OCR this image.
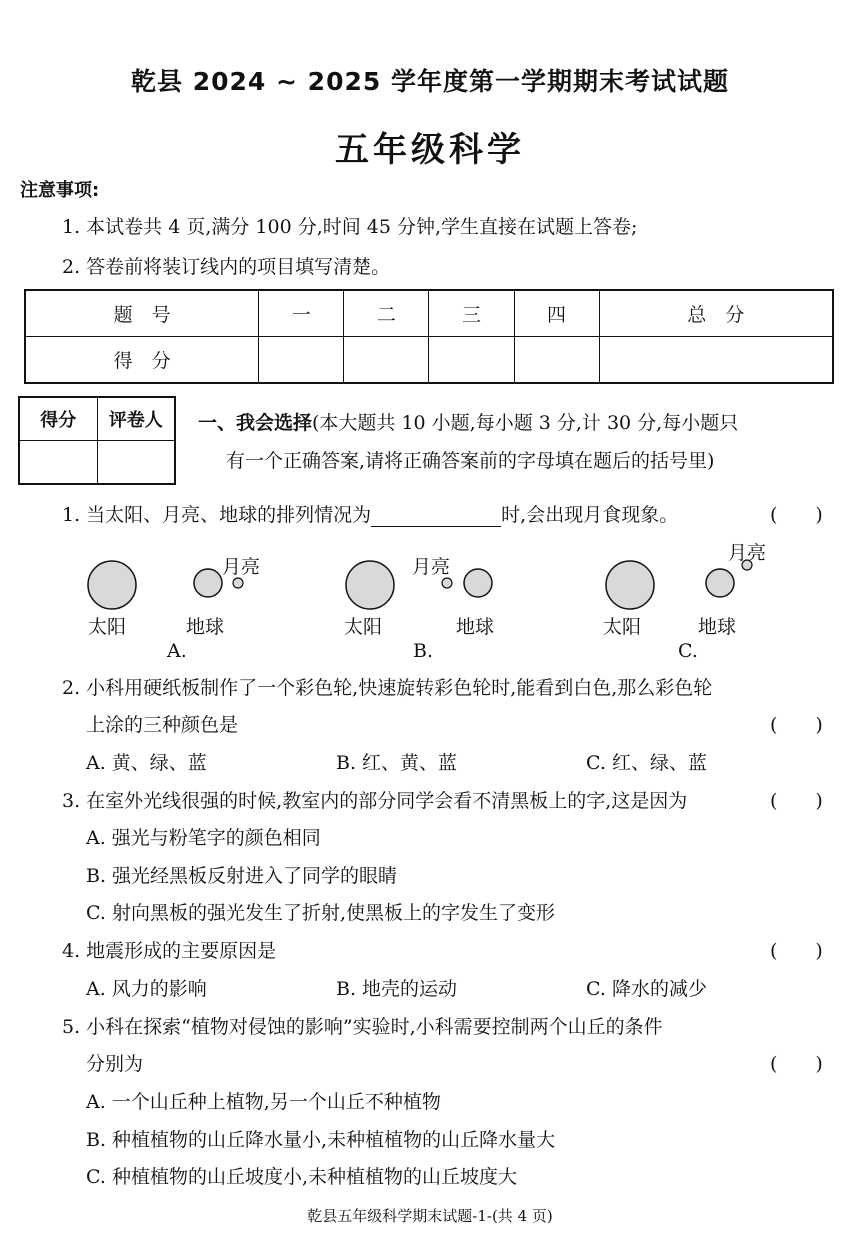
乾县 2024 ~ 2025 学年度第一学期期末考试试题
五年级科学
注意事项:
1. 本试卷共 4 页,满分 100 分,时间 45 分钟,学生直接在试题上答卷;
2. 答卷前将装订线内的项目填写清楚。
题　号	一	二	三	四	总　分
得　分					
得分	评卷人
	一、我会选择(本大题共 10 小题,每小题 3 分,计 30 分,每小题只
有一个正确答案,请将正确答案前的字母填在题后的括号里)
1. 当太阳、月亮、地球的排列情况为	时,会出现月食现象。	(　　)
月亮	月亮
月亮
太阳	地球	太阳	地球	太阳	地球
A.	B.	C.
2. 小科用硬纸板制作了一个彩色轮,快速旋转彩色轮时,能看到白色,那么彩色轮
上涂的三种颜色是	(　　)
A. 黄、绿、蓝	B. 红、黄、蓝	C. 红、绿、蓝
3. 在室外光线很强的时候,教室内的部分同学会看不清黑板上的字,这是因为	(　　)
A. 强光与粉笔字的颜色相同
B. 强光经黑板反射进入了同学的眼睛
C. 射向黑板的强光发生了折射,使黑板上的字发生了变形
4. 地震形成的主要原因是	(　　)
A. 风力的影响	B. 地壳的运动	C. 降水的减少
5. 小科在探索“植物对侵蚀的影响”实验时,小科需要控制两个山丘的条件
分别为	(　　)
A. 一个山丘种上植物,另一个山丘不种植物
B. 种植植物的山丘降水量小,未种植植物的山丘降水量大
C. 种植植物的山丘坡度小,未种植植物的山丘坡度大
乾县五年级科学期末试题-1-(共 4 页)
